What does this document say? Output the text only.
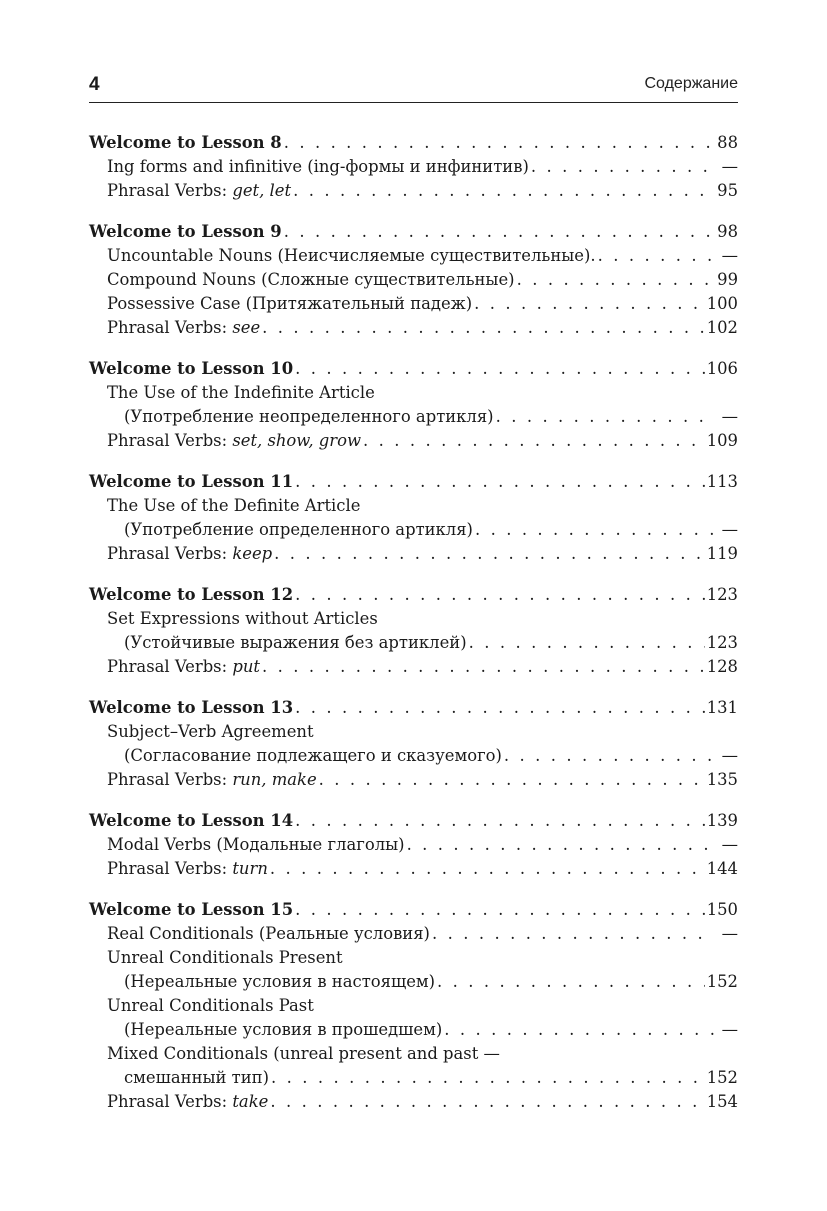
4	Содержание
Welcome to Lesson 8 . . .	88
Ing forms and infinitive (ing-формы и инфинитив) . . .	—
Phrasal Verbs: get, let . . .	95
Welcome to Lesson 9 . . .	98
Uncountable Nouns (Неисчисляемые существительные). . . .	—
Compound Nouns (Сложные существительные) . . .	99
Possessive Case (Притяжательный падеж) . . .	100
Phrasal Verbs: see . . .	102
Welcome to Lesson 10 . . .	106
The Use of the Indefinite Article
(Употребление неопределенного артикля) . . .	—
Phrasal Verbs: set, show, grow . . .	109
Welcome to Lesson 11 . . .	113
The Use of the Definite Article
(Употребление определенного артикля) . . .	—
Phrasal Verbs: keep . . .	119
Welcome to Lesson 12 . . .	123
Set Expressions without Articles
(Устойчивые выражения без артиклей) . . .	123
Phrasal Verbs: put . . .	128
Welcome to Lesson 13 . . .	131
Subject–Verb Agreement
(Согласование подлежащего и сказуемого) . . .	—
Phrasal Verbs: run, make . . .	135
Welcome to Lesson 14 . . .	139
Modal Verbs (Модальные глаголы) . . .	—
Phrasal Verbs: turn . . .	144
Welcome to Lesson 15 . . .	150
Real Conditionals (Реальные условия) . . .	—
Unreal Conditionals Present
(Нереальные условия в настоящем) . . .	152
Unreal Conditionals Past
(Нереальные условия в прошедшем) . . .	—
Mixed Conditionals (unreal present and past —
смешанный тип) . . .	152
Phrasal Verbs: take . . .	154
